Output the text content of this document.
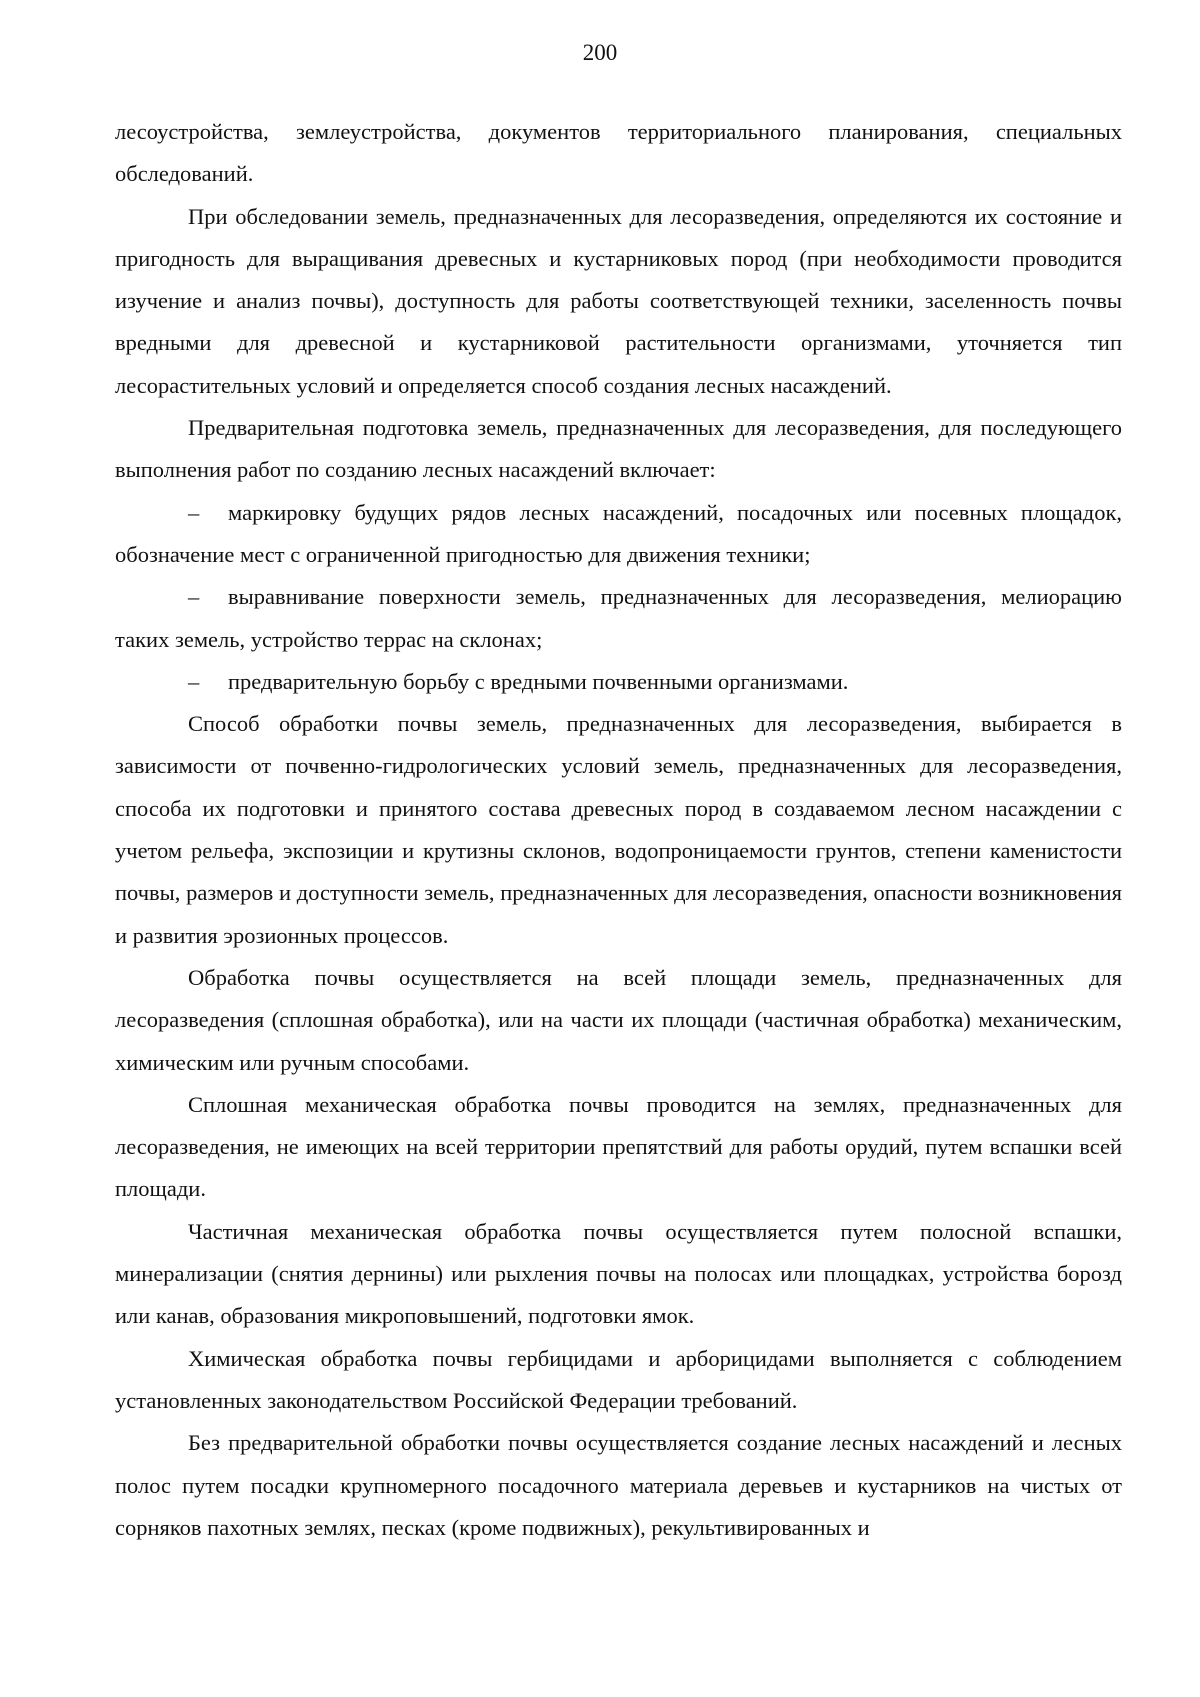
200

лесоустройства, землеустройства, документов территориального планирования, специальных обследований.

При обследовании земель, предназначенных для лесоразведения, определяются их состояние и пригодность для выращивания древесных и кустарниковых пород (при необходимости проводится изучение и анализ почвы), доступность для работы соответствующей техники, заселенность почвы вредными для древесной и кустарниковой растительности организмами, уточняется тип лесорастительных условий и определяется способ создания лесных насаждений.

Предварительная подготовка земель, предназначенных для лесоразведения, для последующего выполнения работ по созданию лесных насаждений включает:

– маркировку будущих рядов лесных насаждений, посадочных или посевных площадок, обозначение мест с ограниченной пригодностью для движения техники;

– выравнивание поверхности земель, предназначенных для лесоразведения, мелиорацию таких земель, устройство террас на склонах;

– предварительную борьбу с вредными почвенными организмами.

Способ обработки почвы земель, предназначенных для лесоразведения, выбирается в зависимости от почвенно-гидрологических условий земель, предназначенных для лесоразведения, способа их подготовки и принятого состава древесных пород в создаваемом лесном насаждении с учетом рельефа, экспозиции и крутизны склонов, водопроницаемости грунтов, степени каменистости почвы, размеров и доступности земель, предназначенных для лесоразведения, опасности возникновения и развития эрозионных процессов.

Обработка почвы осуществляется на всей площади земель, предназначенных для лесоразведения (сплошная обработка), или на части их площади (частичная обработка) механическим, химическим или ручным способами.

Сплошная механическая обработка почвы проводится на землях, предназначенных для лесоразведения, не имеющих на всей территории препятствий для работы орудий, путем вспашки всей площади.

Частичная механическая обработка почвы осуществляется путем полосной вспашки, минерализации (снятия дернины) или рыхления почвы на полосах или площадках, устройства борозд или канав, образования микроповышений, подготовки ямок.

Химическая обработка почвы гербицидами и арборицидами выполняется с соблюдением установленных законодательством Российской Федерации требований.

Без предварительной обработки почвы осуществляется создание лесных насаждений и лесных полос путем посадки крупномерного посадочного материала деревьев и кустарников на чистых от сорняков пахотных землях, песках (кроме подвижных), рекультивированных и
